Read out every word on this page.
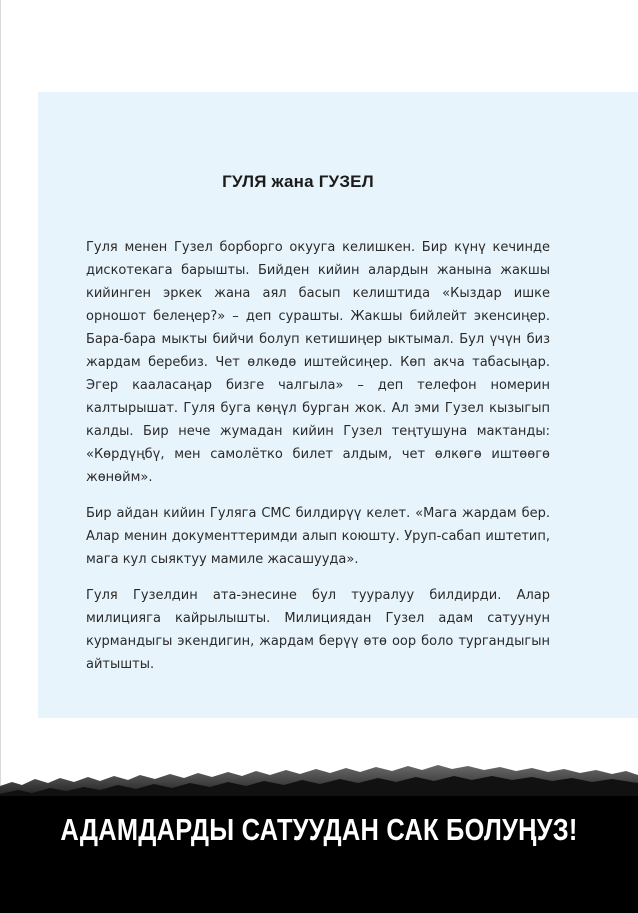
ГУЛЯ жана ГУЗЕЛ

Гуля менен Гузел борборго окууга келишкен. Бир күнү кечинде дискотекага барышты. Бийден кийин алардын жанына жакшы кийинген эркек жана аял басып келиштида «Кыздар ишке орношот белеңер?» – деп сурашты. Жакшы бийлейт экенсиңер. Бара-бара мыкты бийчи болуп кетишиңер ыктымал. Бул үчүн биз жардам беребиз. Чет өлкөдө иштейсиңер. Көп акча табасыңар. Эгер кааласаңар бизге чалгыла» – деп телефон номерин калтырышат. Гуля буга көңүл бурган жок. Ал эми Гузел кызыгып калды. Бир нече жумадан кийин Гузел теңтушуна мактанды: «Көрдүңбү, мен самолётко билет алдым, чет өлкөгө иштөөгө жөнөйм».

Бир айдан кийин Гуляга СМС билдирүү келет. «Мага жардам бер. Алар менин документтеримди алып коюшту. Уруп-сабап иштетип, мага кул сыяктуу мамиле жасашууда».

Гуля Гузелдин ата-энесине бул тууралуу билдирди. Алар милицияга кайрылышты. Милициядан Гузел адам сатуунун курмандыгы экендигин, жардам берүү өтө оор боло тургандыгын айтышты.

АДАМДАРДЫ САТУУДАН САК БОЛУҢУЗ!
